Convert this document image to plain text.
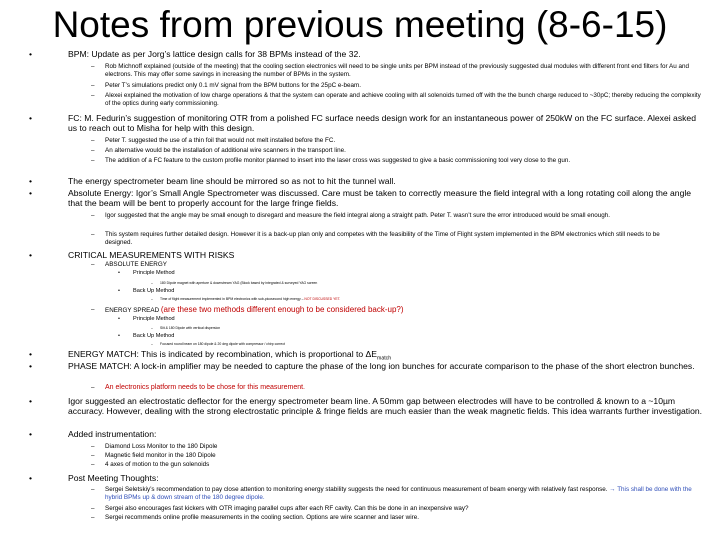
Notes from previous meeting (8-6-15)
•	BPM: Update as per Jorg’s lattice design calls for 38 BPMs instead of the 32.
– Rob Michnoff explained (outside of the meeting) that the cooling section electronics will need to be single units per BPM instead of the previously suggested dual modules with different front end filters for Au and electrons. This may offer some savings in increasing the number of BPMs in the system.
– Peter T’s simulations predict only 0.1 mV signal from the BPM buttons for the 25pC e-beam.
– Alexei explained the motivation of low charge operations & that the system can operate and achieve cooling with all solenoids turned off with the the bunch charge reduced to ~30pC; thereby reducing the complexity of the optics during early commissioning.
•	FC: M. Fedurin’s suggestion of monitoring OTR from a polished FC surface needs design work for an instantaneous power of 250kW on the FC surface. Alexei asked us to reach out to Misha for help with this design.
– Peter T. suggested the use of a thin foil that would not melt installed before the FC.
– An alternative would be the installation of additional wire scanners in the transport line.
– The addition of a FC feature to the custom profile monitor planned to insert into the laser cross was suggested to give a basic commissioning tool very close to the gun.
•	The energy spectrometer beam line should be mirrored so as not to hit the tunnel wall.
•	Absolute Energy: Igor’s Small Angle Spectrometer was discussed. Care must be taken to correctly measure the field integral with a long rotating coil along the angle that the beam will be bent to properly account for the large fringe fields.
– Igor suggested that the angle may be small enough to disregard and measure the field integral along a straight path. Peter T. wasn’t sure the error introduced would be small enough.
– This system requires further detailed design. However it is a back-up plan only and competes with the feasibility of the Time of Flight system implemented in the BPM electronics which still needs to be designed.
•	CRITICAL MEASUREMENTS WITH RISKS
– ABSOLUTE ENERGY
• Principle Method
– 180 Dipole magnet with aperture & downstream YAG (Block based by integrated & surveyed YAG screen
• Back Up Method
– Time of flight measurement implemented in BPM electronics with sub-picosecond high energy – NOT DISCUSSED YET.
– ENERGY SPREAD (are these two methods different enough to be considered back-up?)
• Principle Method
– Slit & 180 Dipole with vertical dispersion
• Back Up Method
– Focused round beam on 180 dipole & 20 deg dipole with compressor / chirp correct
•	ENERGY MATCH: This is indicated by recombination, which is proportional to $\Delta E_{match}$
•	PHASE MATCH: A lock-in amplifier may be needed to capture the phase of the long ion bunches for accurate comparison to the phase of the short electron bunches.
– An electronics platform needs to be chose for this measurement.
•	Igor suggested an electrostatic deflector for the energy spectrometer beam line. A 50mm gap between electrodes will have to be controlled & known to a ~10µm accuracy. However, dealing with the strong electrostatic principle & fringe fields are much easier than the weak magnetic fields. This idea warrants further investigation.
•	Added instrumentation:
– Diamond Loss Monitor to the 180 Dipole
– Magnetic field monitor in the 180 Dipole
– 4 axes of motion to the gun solenoids
•	Post Meeting Thoughts:
– Sergei Seletskiy’s recommendation to pay close attention to monitoring energy stability suggests the need for continuous measurement of beam energy with relatively fast response. → This shall be done with the hybrid BPMs up & down stream of the 180 degree dipole.
– Sergei also encourages fast kickers with OTR imaging parallel cups after each RF cavity. Can this be done in an inexpensive way?
– Sergei recommends online profile measurements in the cooling section. Options are wire scanner and laser wire.
